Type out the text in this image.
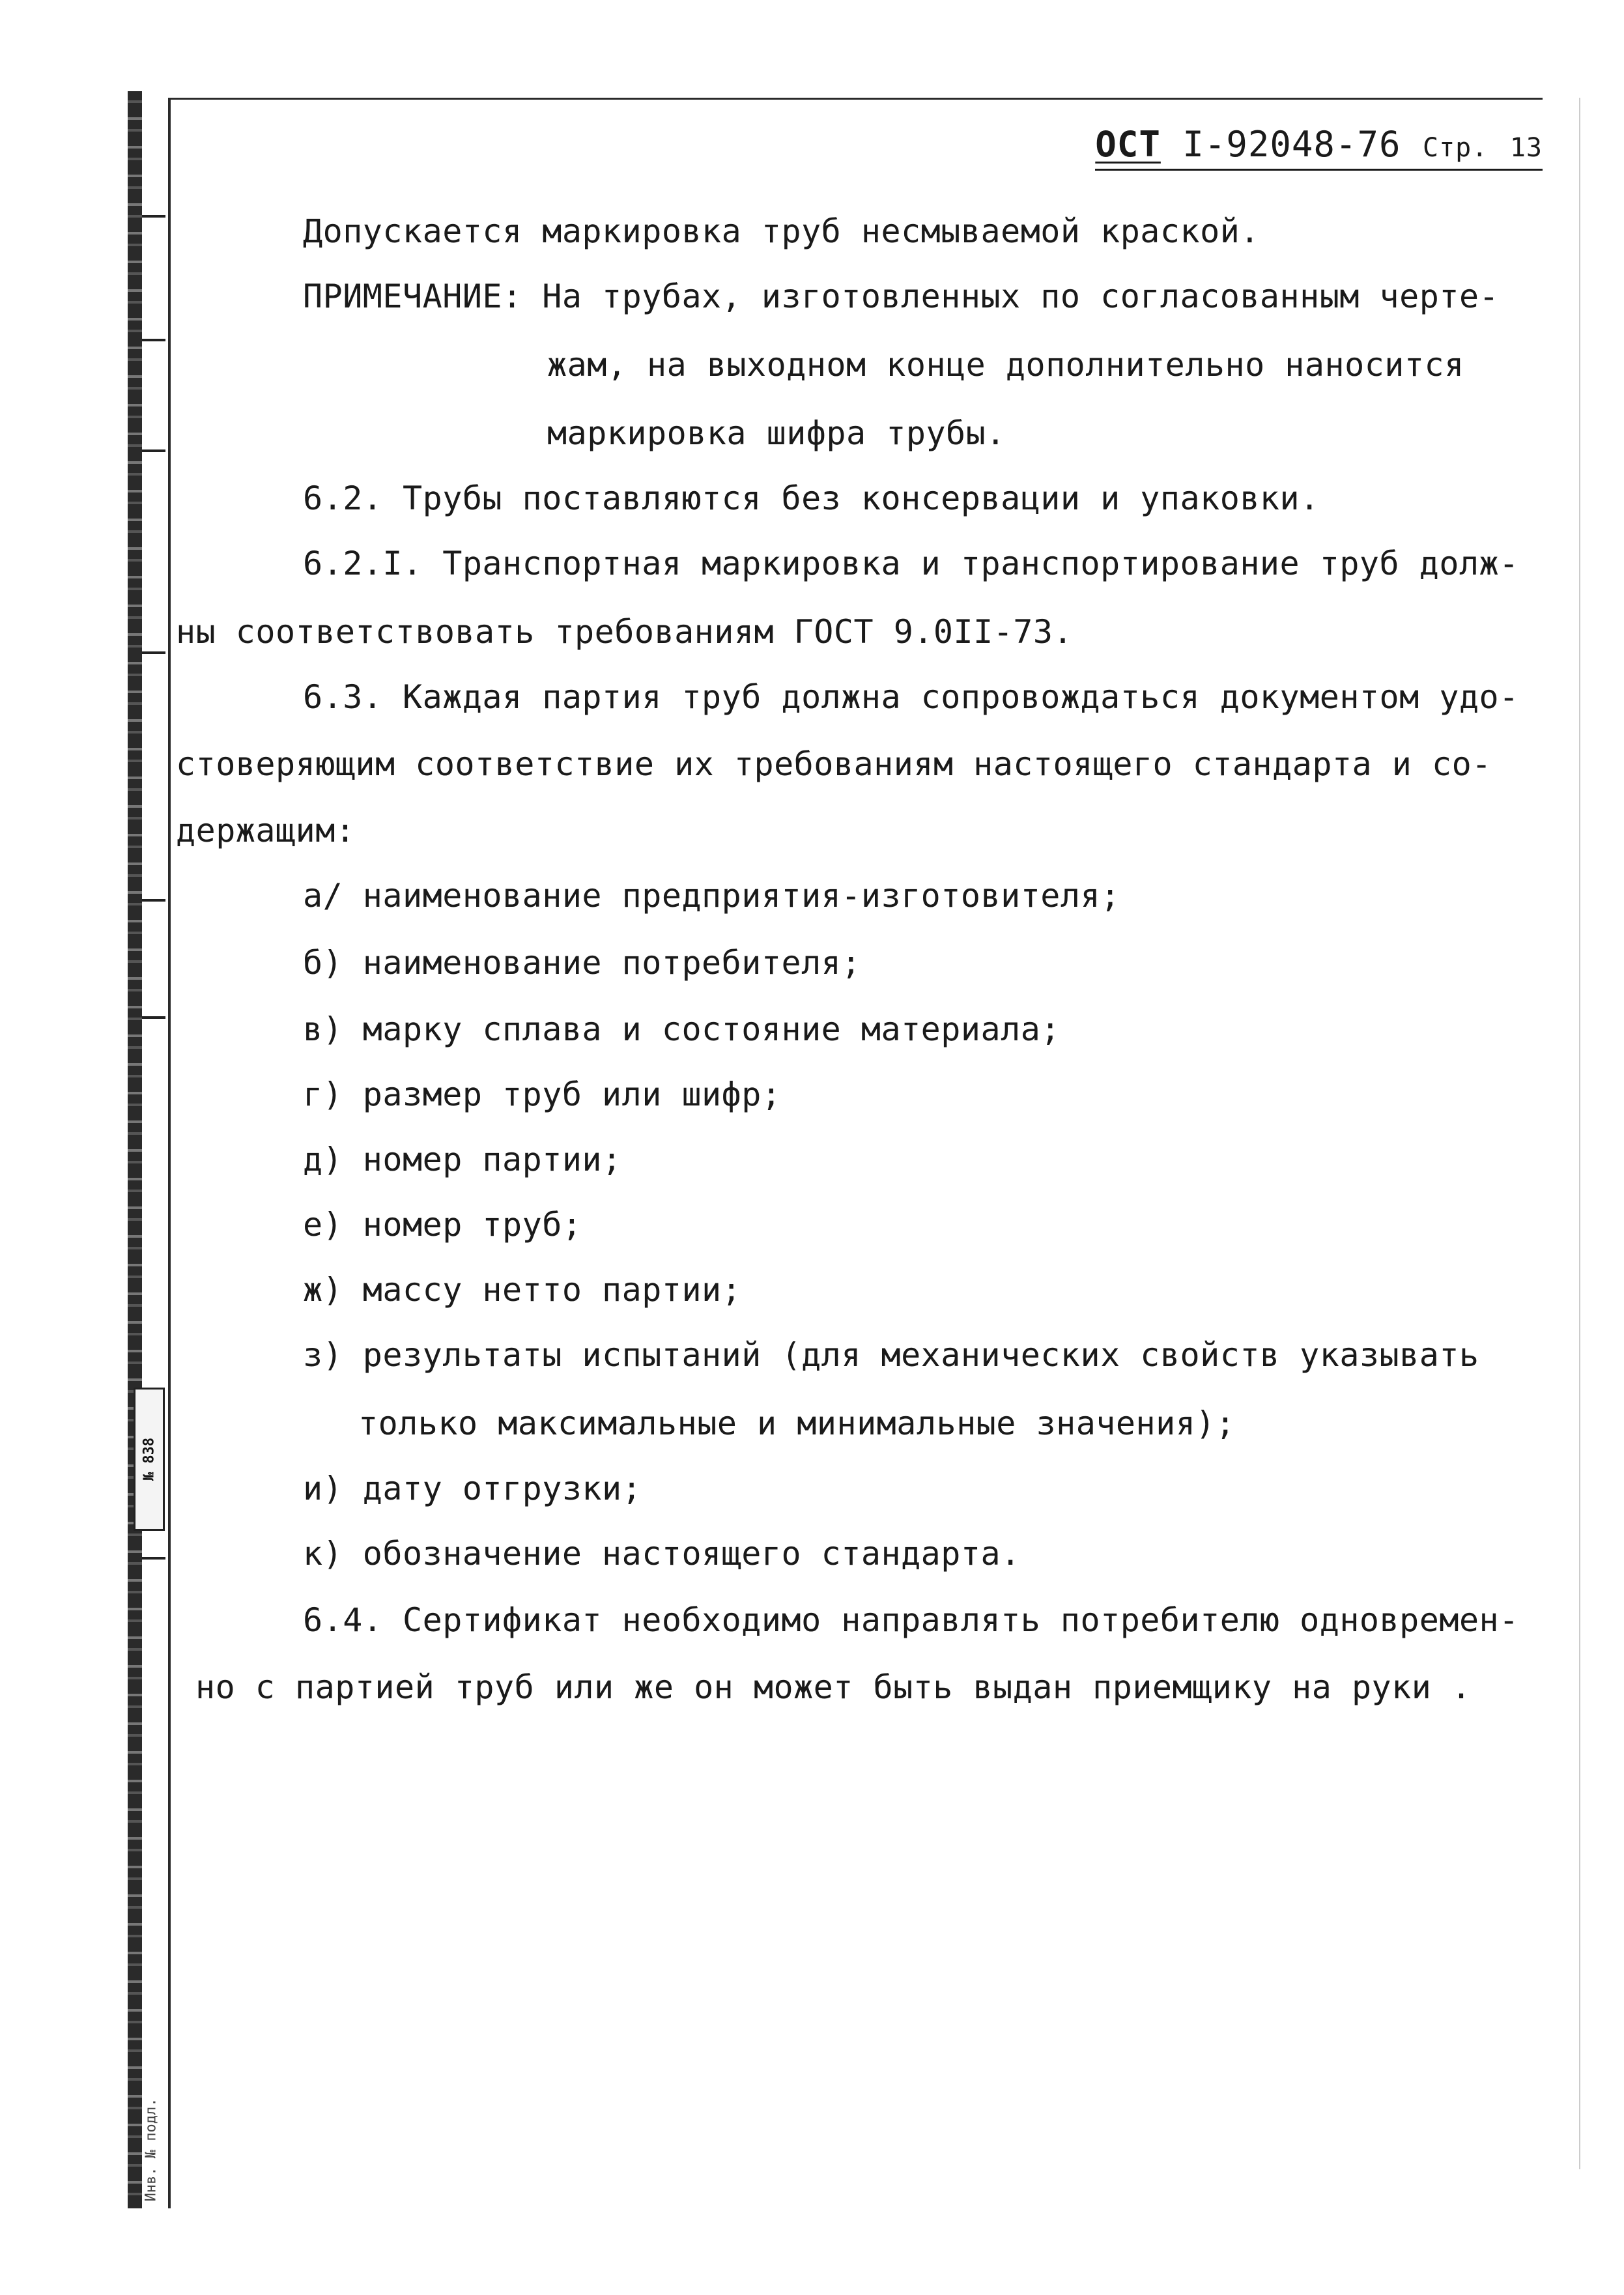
№ 838
Инв. № подл.
ОСТ I-92048-76 Стр. 13
Допускается маркировка труб несмываемой краской.
ПРИМЕЧАНИЕ: На трубах, изготовленных по согласованным черте-
жам, на выходном конце дополнительно наносится
маркировка шифра трубы.
6.2. Трубы поставляются без консервации и упаковки.
6.2.I. Транспортная маркировка и транспортирование труб долж-
ны соответствовать требованиям ГОСТ 9.0II-73.
6.3. Каждая партия труб должна сопровождаться документом удо-
стоверяющим соответствие их требованиям настоящего стандарта и со-
держащим:
а/ наименование предприятия-изготовителя;
б) наименование потребителя;
в) марку сплава и состояние материала;
г) размер труб или шифр;
д) номер партии;
е) номер труб;
ж) массу нетто партии;
з) результаты испытаний (для механических свойств указывать
только максимальные и минимальные значения);
и) дату отгрузки;
к) обозначение настоящего стандарта.
6.4. Сертификат необходимо направлять потребителю одновремен-
но с партией труб или же он может быть выдан приемщику на руки .
